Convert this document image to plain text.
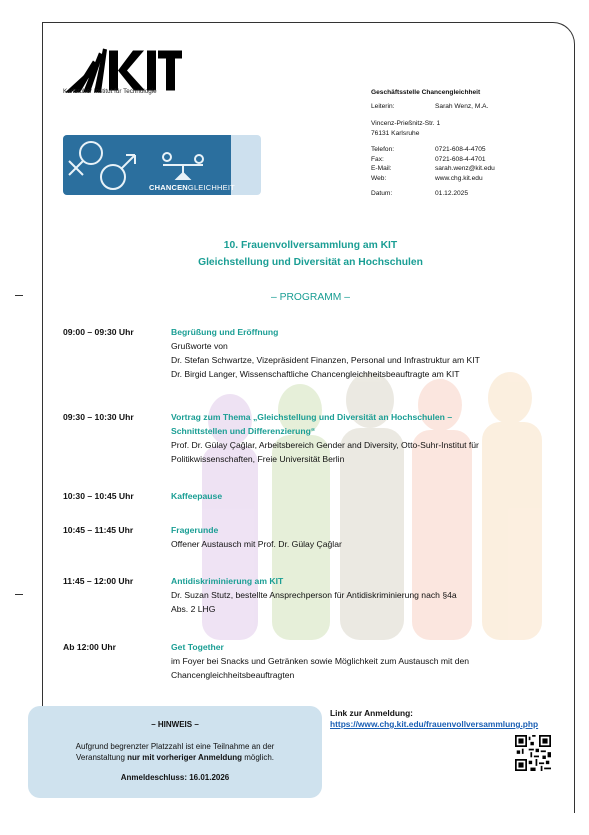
Karlsruher Institut für Technologie
CHANCENGLEICHHEIT
Geschäftsstelle Chancengleichheit
Leiterin:	Sarah Wenz, M.A.
Vincenz-Prießnitz-Str. 1
76131 Karlsruhe
Telefon:	0721-608-4-4705
Fax:	0721-608-4-4701
E-Mail:	sarah.wenz@kit.edu
Web:	www.chg.kit.edu
Datum:	01.12.2025
10. Frauenvollversammlung am KIT
Gleichstellung und Diversität an Hochschulen
– PROGRAMM –
09:00 – 09:30 Uhr	Begrüßung und Eröffnung
Grußworte von
Dr. Stefan Schwartze, Vizepräsident Finanzen, Personal und Infrastruktur am KIT
Dr. Birgid Langer, Wissenschaftliche Chancengleichheitsbeauftragte am KIT
09:30 – 10:30 Uhr	Vortrag zum Thema „Gleichstellung und Diversität an Hochschulen –
Schnittstellen und Differenzierung“
Prof. Dr. Gülay Çağlar, Arbeitsbereich Gender and Diversity, Otto-Suhr-Institut für
Politikwissenschaften, Freie Universität Berlin
10:30 – 10:45 Uhr	Kaffeepause
10:45 – 11:45 Uhr	Fragerunde
Offener Austausch mit Prof. Dr. Gülay Çağlar
11:45 – 12:00 Uhr	Antidiskriminierung am KIT
Dr. Suzan Stutz, bestellte Ansprechperson für Antidiskriminierung nach §4a
Abs. 2 LHG
Ab 12:00 Uhr	Get Together
im Foyer bei Snacks und Getränken sowie Möglichkeit zum Austausch mit den
Chancengleichheitsbeauftragten
– HINWEIS –
Aufgrund begrenzter Platzzahl ist eine Teilnahme an der
Veranstaltung nur mit vorheriger Anmeldung möglich.
Anmeldeschluss: 16.01.2026
Link zur Anmeldung:
https://www.chg.kit.edu/frauenvollversammlung.php
